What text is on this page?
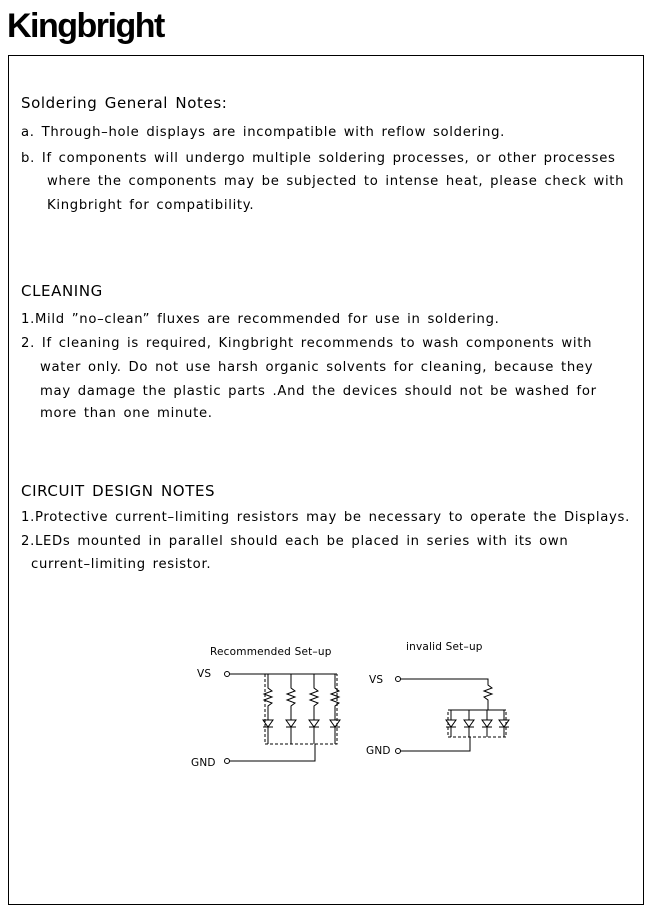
Kingbright
Soldering General Notes:
a. Through–hole displays are incompatible with reflow soldering.
b. If components will undergo multiple soldering processes, or other processes
where the components may be subjected to intense heat, please check with
Kingbright for compatibility.
CLEANING
1.Mild ”no–clean” fluxes are recommended for use in soldering.
2. If cleaning is required, Kingbright recommends to wash components with
water only. Do not use harsh organic solvents for cleaning, because they
may damage the plastic parts .And the devices should not be washed for
more than one minute.
CIRCUIT DESIGN NOTES
1.Protective current–limiting resistors may be necessary to operate the Displays.
2.LEDs mounted in parallel should each be placed in series with its own
current–limiting resistor.
Recommended Set–up	invalid Set–up
VS
GND
VS
GND
